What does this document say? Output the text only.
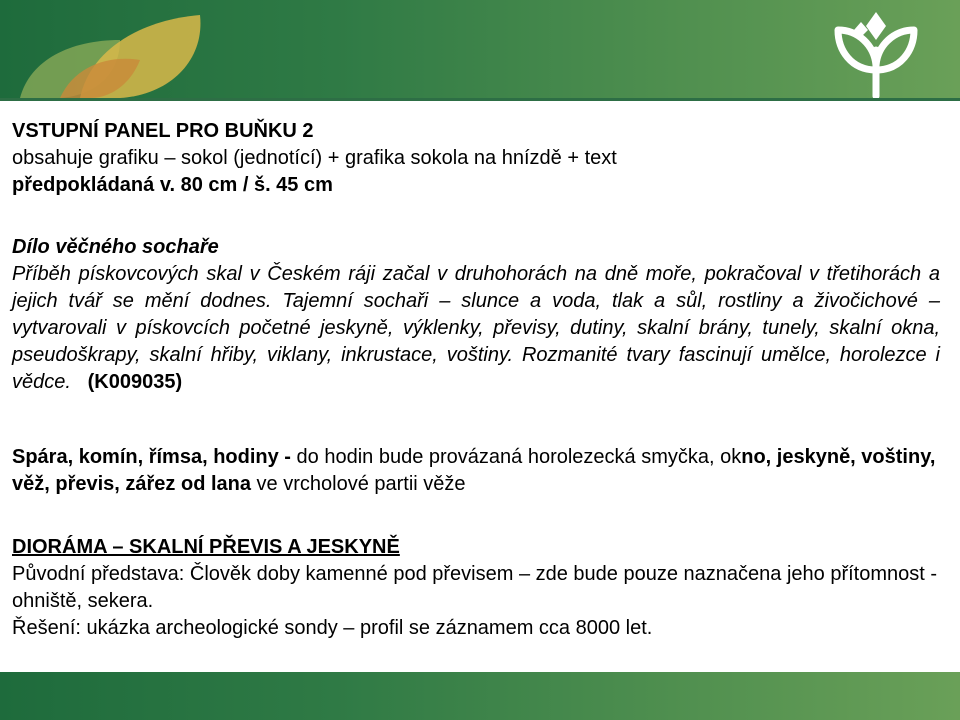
VSTUPNÍ PANEL PRO BUŇKU 2

obsahuje grafiku – sokol (jednotící) + grafika sokola na hnízdě + text

předpokládaná v. 80 cm / š. 45 cm

Dílo věčného sochaře

Příběh pískovcových skal v Českém ráji začal v druhohorách na dně moře, pokračoval v třetihorách a jejich tvář se mění dodnes. Tajemní sochaři – slunce a voda, tlak a sůl, rostliny a živočichové – vytvarovali v pískovcích početné jeskyně, výklenky, převisy, dutiny, skalní brány, tunely, skalní okna, pseudoškrapy, skalní hřiby, viklany, inkrustace, voštiny. Rozmanité tvary fascinují umělce, horolezce i vědce. (K009035)

Spára, komín, římsa, hodiny - do hodin bude provázaná horolezecká smyčka, okno, jeskyně, voštiny, věž, převis, zářez od lana ve vrcholové partii věže

DIORÁMA – SKALNÍ PŘEVIS A JESKYNĚ

Původní představa: Člověk doby kamenné pod převisem – zde bude pouze naznačena jeho přítomnost - ohniště, sekera.

Řešení: ukázka archeologické sondy – profil se záznamem cca 8000 let.
